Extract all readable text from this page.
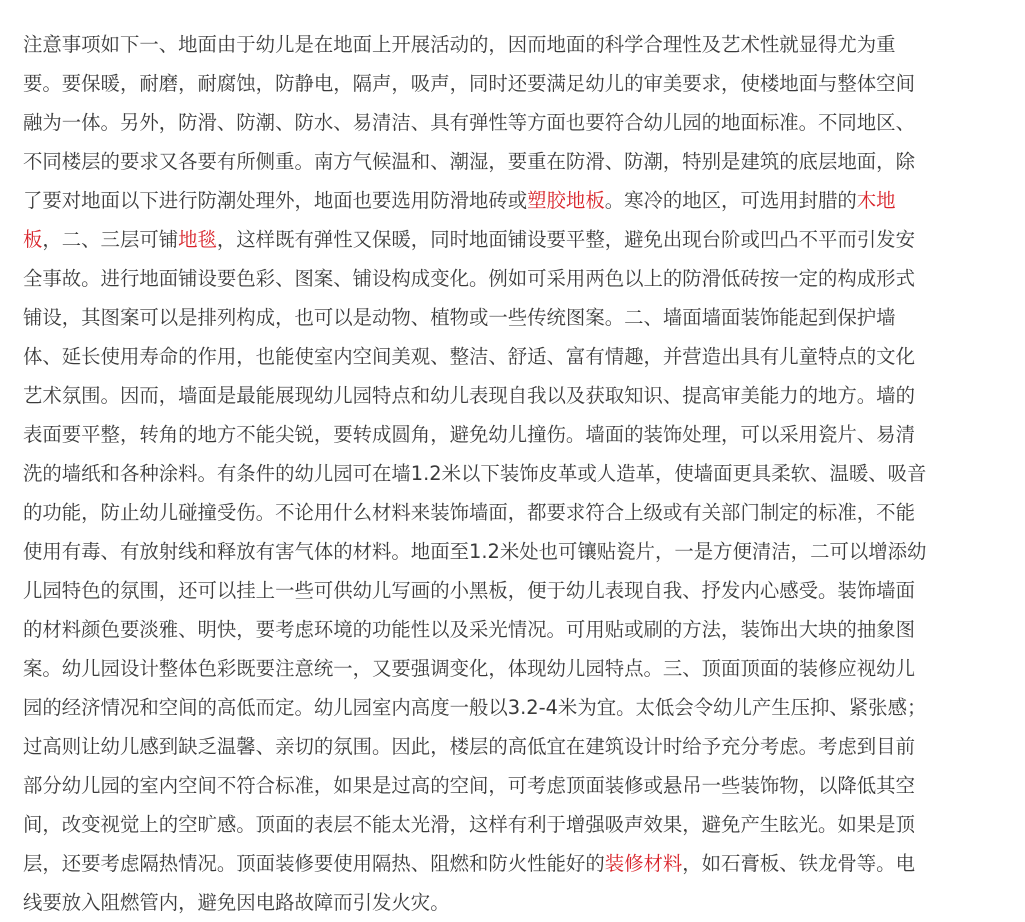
注意事项如下一、地面由于幼儿是在地面上开展活动的，因而地面的科学合理性及艺术性就显得尤为重
要。要保暖，耐磨，耐腐蚀，防静电，隔声，吸声，同时还要满足幼儿的审美要求，使楼地面与整体空间
融为一体。另外，防滑、防潮、防水、易清洁、具有弹性等方面也要符合幼儿园的地面标准。不同地区、
不同楼层的要求又各要有所侧重。南方气候温和、潮湿，要重在防滑、防潮，特别是建筑的底层地面，除
了要对地面以下进行防潮处理外，地面也要选用防滑地砖或塑胶地板。寒冷的地区，可选用封腊的木地
板，二、三层可铺地毯，这样既有弹性又保暖，同时地面铺设要平整，避免出现台阶或凹凸不平而引发安
全事故。进行地面铺设要色彩、图案、铺设构成变化。例如可采用两色以上的防滑低砖按一定的构成形式
铺设，其图案可以是排列构成，也可以是动物、植物或一些传统图案。二、墙面墙面装饰能起到保护墙
体、延长使用寿命的作用，也能使室内空间美观、整洁、舒适、富有情趣，并营造出具有儿童特点的文化
艺术氛围。因而，墙面是最能展现幼儿园特点和幼儿表现自我以及获取知识、提高审美能力的地方。墙的
表面要平整，转角的地方不能尖锐，要转成圆角，避免幼儿撞伤。墙面的装饰处理，可以采用瓷片、易清
洗的墙纸和各种涂料。有条件的幼儿园可在墙1.2米以下装饰皮革或人造革，使墙面更具柔软、温暖、吸音
的功能，防止幼儿碰撞受伤。不论用什么材料来装饰墙面，都要求符合上级或有关部门制定的标准，不能
使用有毒、有放射线和释放有害气体的材料。地面至1.2米处也可镶贴瓷片，一是方便清洁，二可以增添幼
儿园特色的氛围，还可以挂上一些可供幼儿写画的小黑板，便于幼儿表现自我、抒发内心感受。装饰墙面
的材料颜色要淡雅、明快，要考虑环境的功能性以及采光情况。可用贴或刷的方法，装饰出大块的抽象图
案。幼儿园设计整体色彩既要注意统一，又要强调变化，体现幼儿园特点。三、顶面顶面的装修应视幼儿
园的经济情况和空间的高低而定。幼儿园室内高度一般以3.2-4米为宜。太低会令幼儿产生压抑、紧张感；
过高则让幼儿感到缺乏温馨、亲切的氛围。因此，楼层的高低宜在建筑设计时给予充分考虑。考虑到目前
部分幼儿园的室内空间不符合标准，如果是过高的空间，可考虑顶面装修或悬吊一些装饰物，以降低其空
间，改变视觉上的空旷感。顶面的表层不能太光滑，这样有利于增强吸声效果，避免产生眩光。如果是顶
层，还要考虑隔热情况。顶面装修要使用隔热、阻燃和防火性能好的装修材料，如石膏板、铁龙骨等。电
线要放入阻燃管内，避免因电路故障而引发火灾。
